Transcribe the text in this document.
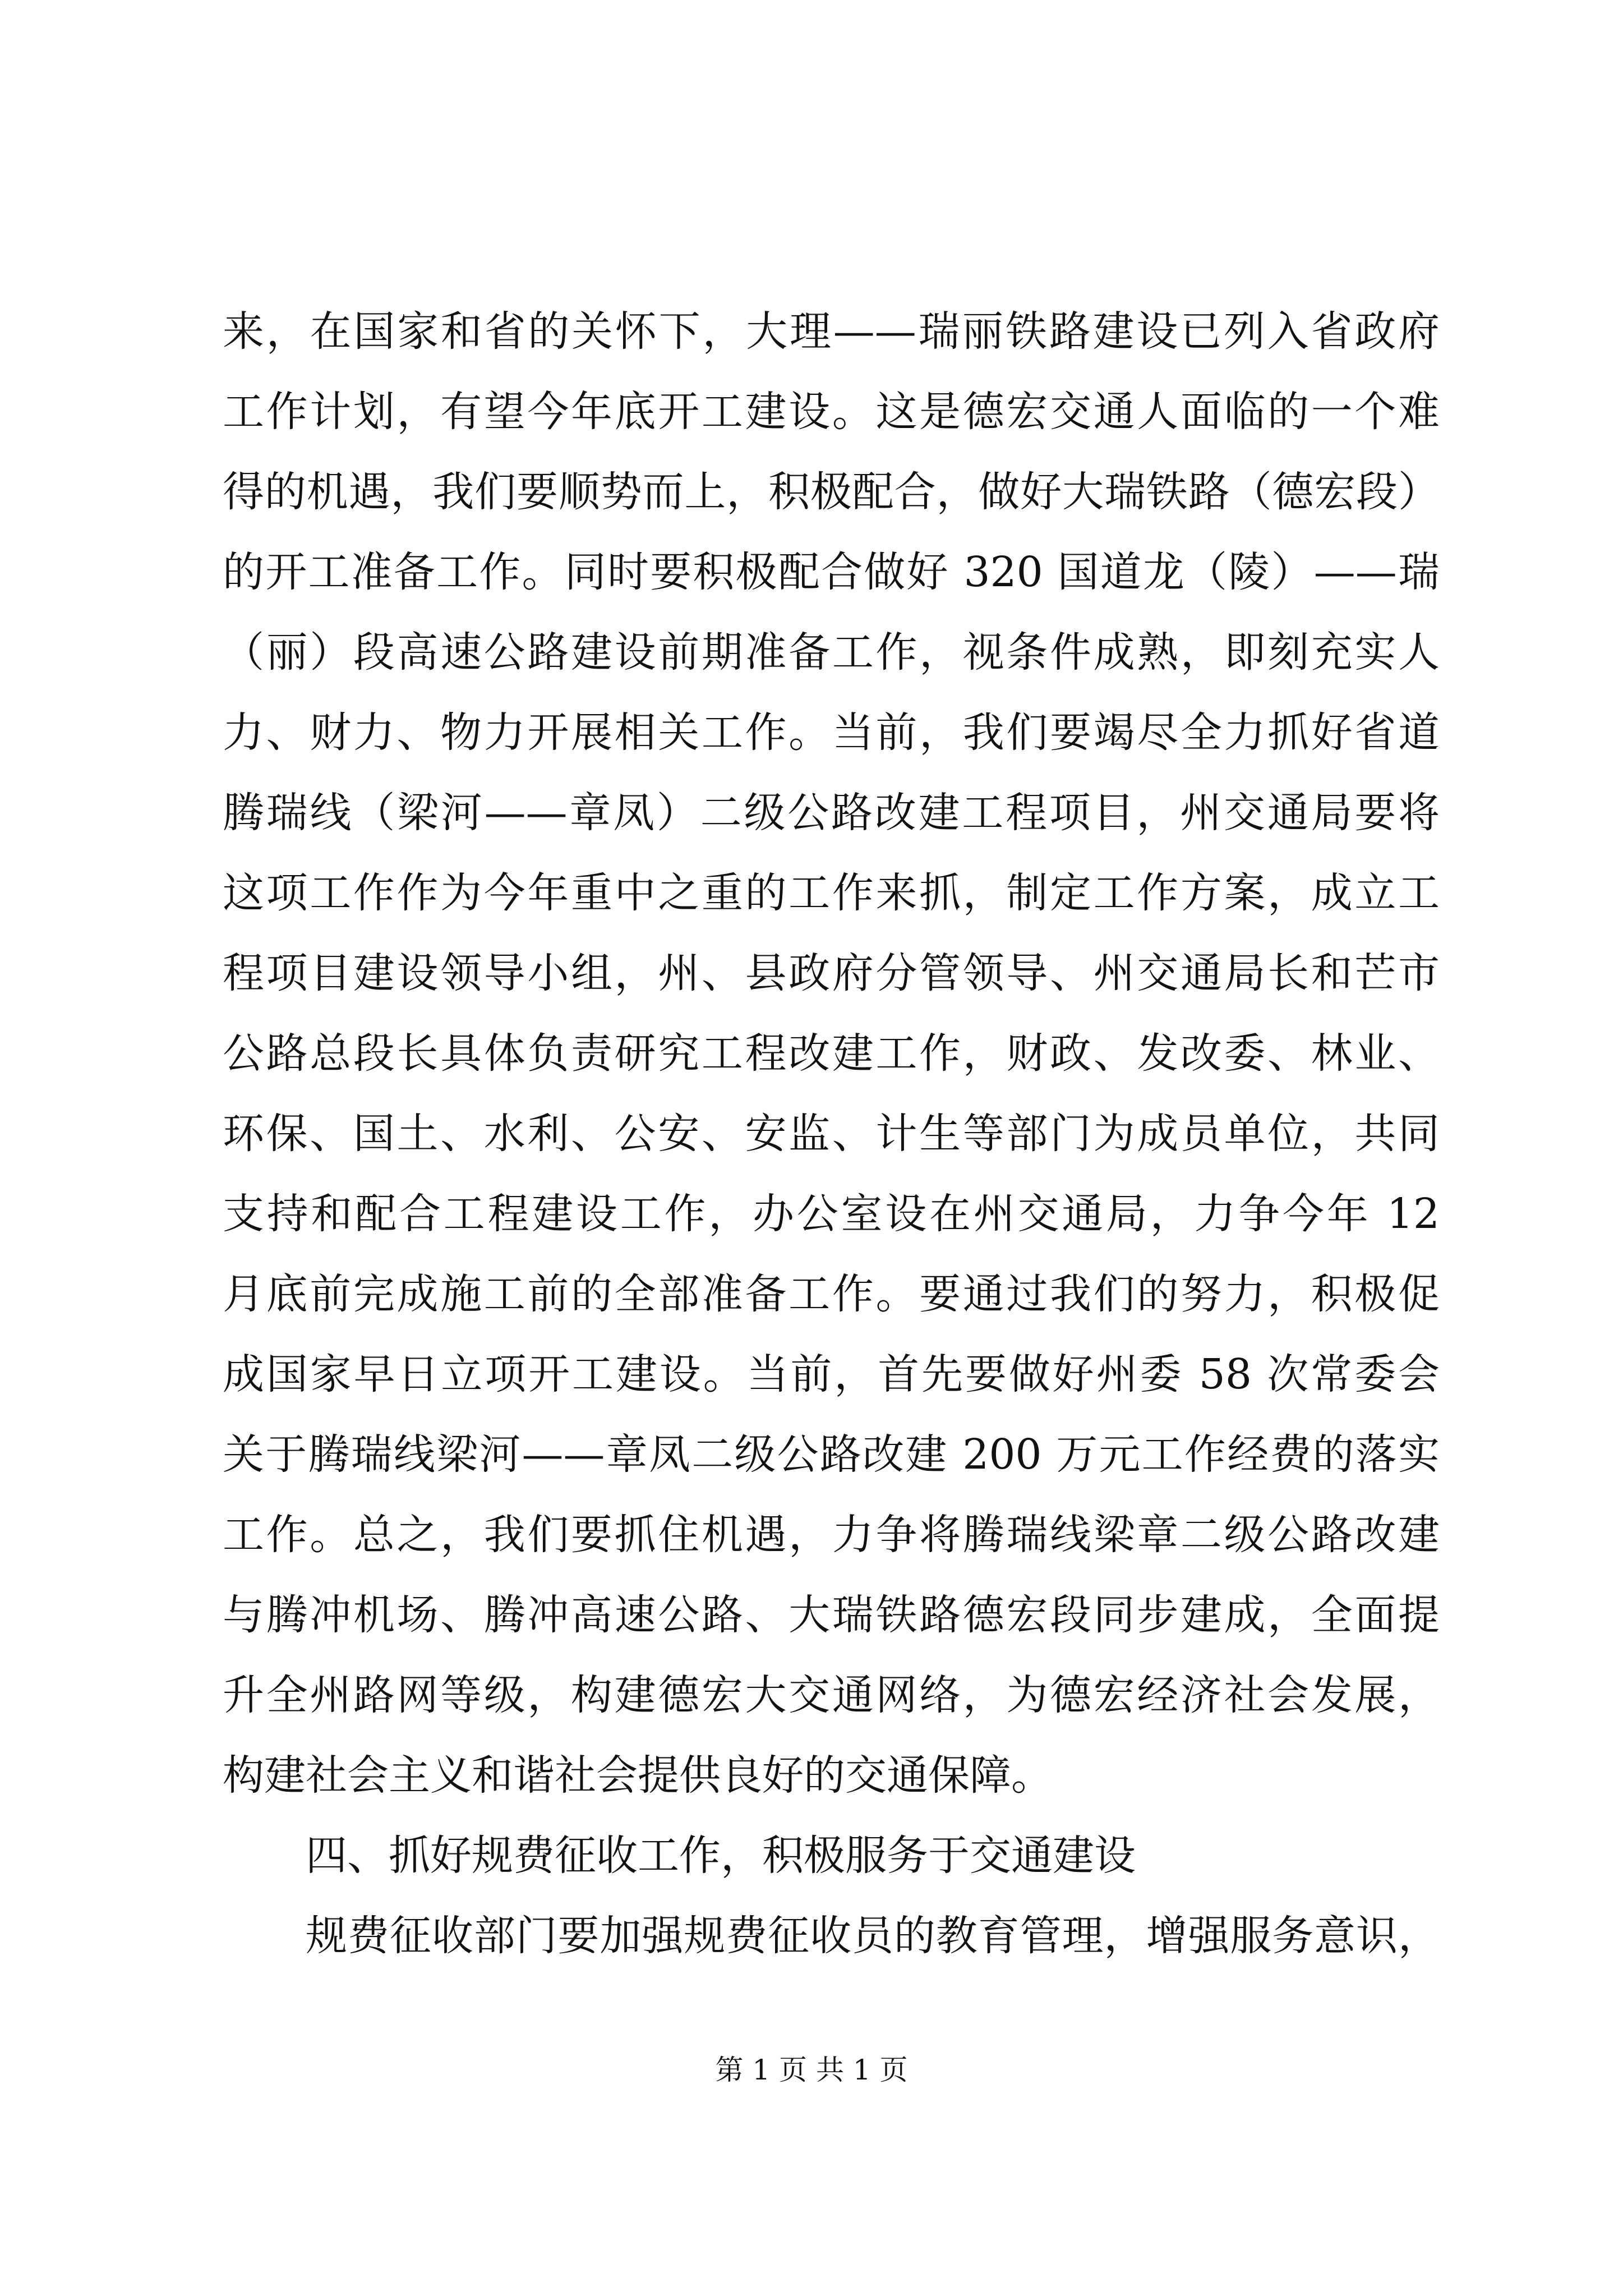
来，在国家和省的关怀下，大理——瑞丽铁路建设已列入省政府
工作计划，有望今年底开工建设。这是德宏交通人面临的一个难
得的机遇，我们要顺势而上，积极配合，做好大瑞铁路（德宏段）
的开工准备工作。同时要积极配合做好 320 国道龙（陵）——瑞
（丽）段高速公路建设前期准备工作，视条件成熟，即刻充实人
力、财力、物力开展相关工作。当前，我们要竭尽全力抓好省道
腾瑞线（梁河——章凤）二级公路改建工程项目，州交通局要将
这项工作作为今年重中之重的工作来抓，制定工作方案，成立工
程项目建设领导小组，州、县政府分管领导、州交通局长和芒市
公路总段长具体负责研究工程改建工作，财政、发改委、林业、
环保、国土、水利、公安、安监、计生等部门为成员单位，共同
支持和配合工程建设工作，办公室设在州交通局，力争今年 12
月底前完成施工前的全部准备工作。要通过我们的努力，积极促
成国家早日立项开工建设。当前，首先要做好州委 58 次常委会
关于腾瑞线梁河——章凤二级公路改建 200 万元工作经费的落实
工作。总之，我们要抓住机遇，力争将腾瑞线梁章二级公路改建
与腾冲机场、腾冲高速公路、大瑞铁路德宏段同步建成，全面提
升全州路网等级，构建德宏大交通网络，为德宏经济社会发展，
构建社会主义和谐社会提供良好的交通保障。
四、抓好规费征收工作，积极服务于交通建设
规费征收部门要加强规费征收员的教育管理，增强服务意识，
第 1 页 共 1 页
